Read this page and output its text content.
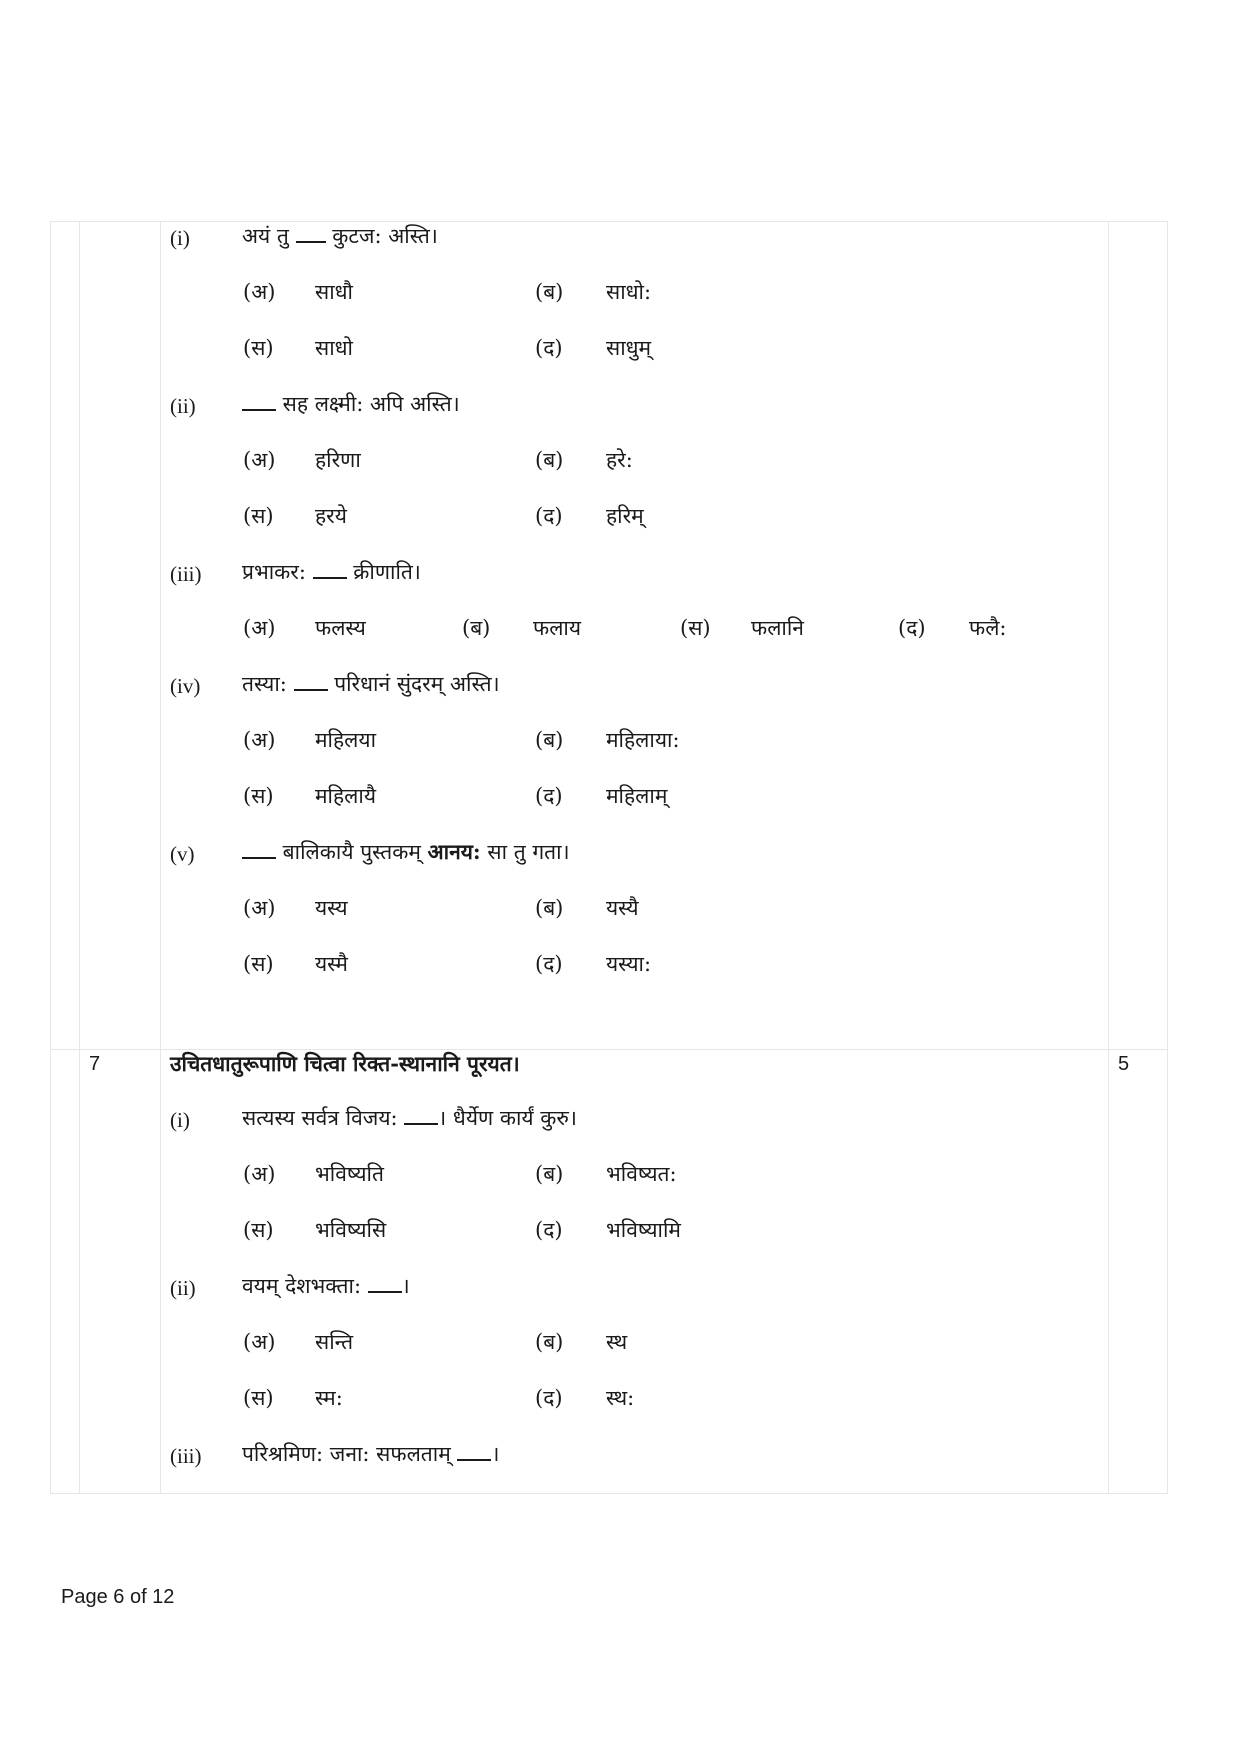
(i) अयं तु  कुटज: अस्ति।
(अ) साधौ	(ब) साधो:
(स) साधो	(द) साधुम्
(ii)	सह लक्ष्मी: अपि अस्ति।
(अ) हरिणा	(ब) हरे:
(स) हरये	(द) हरिम्
(iii) प्रभाकर:  क्रीणाति।
(अ) फलस्य	(ब) फलाय	(स) फलानि	(द) फलै:
(iv) तस्या:  परिधानं सुंदरम् अस्ति।
(अ) महिलया	(ब) महिलाया:
(स) महिलायै	(द) महिलाम्
(v)	बालिकायै पुस्तकम् आनय: सा तु गता।
(अ) यस्य	(ब) यस्यै
(स) यस्मै	(द) यस्या:
7	उचितधातुरूपाणि चित्वा रिक्त-स्थानानि पूरयत।	5
(i) सत्यस्य सर्वत्र विजय: । धैर्येण कार्यं कुरु।
(अ) भविष्यति	(ब) भविष्यत:
(स) भविष्यसि	(द) भविष्यामि
(ii) वयम् देशभक्ता: ।
(अ) सन्ति	(ब) स्थ
(स) स्म:	(द) स्थ:
(iii) परिश्रमिण: जना: सफलताम् ।
Page 6 of 12
